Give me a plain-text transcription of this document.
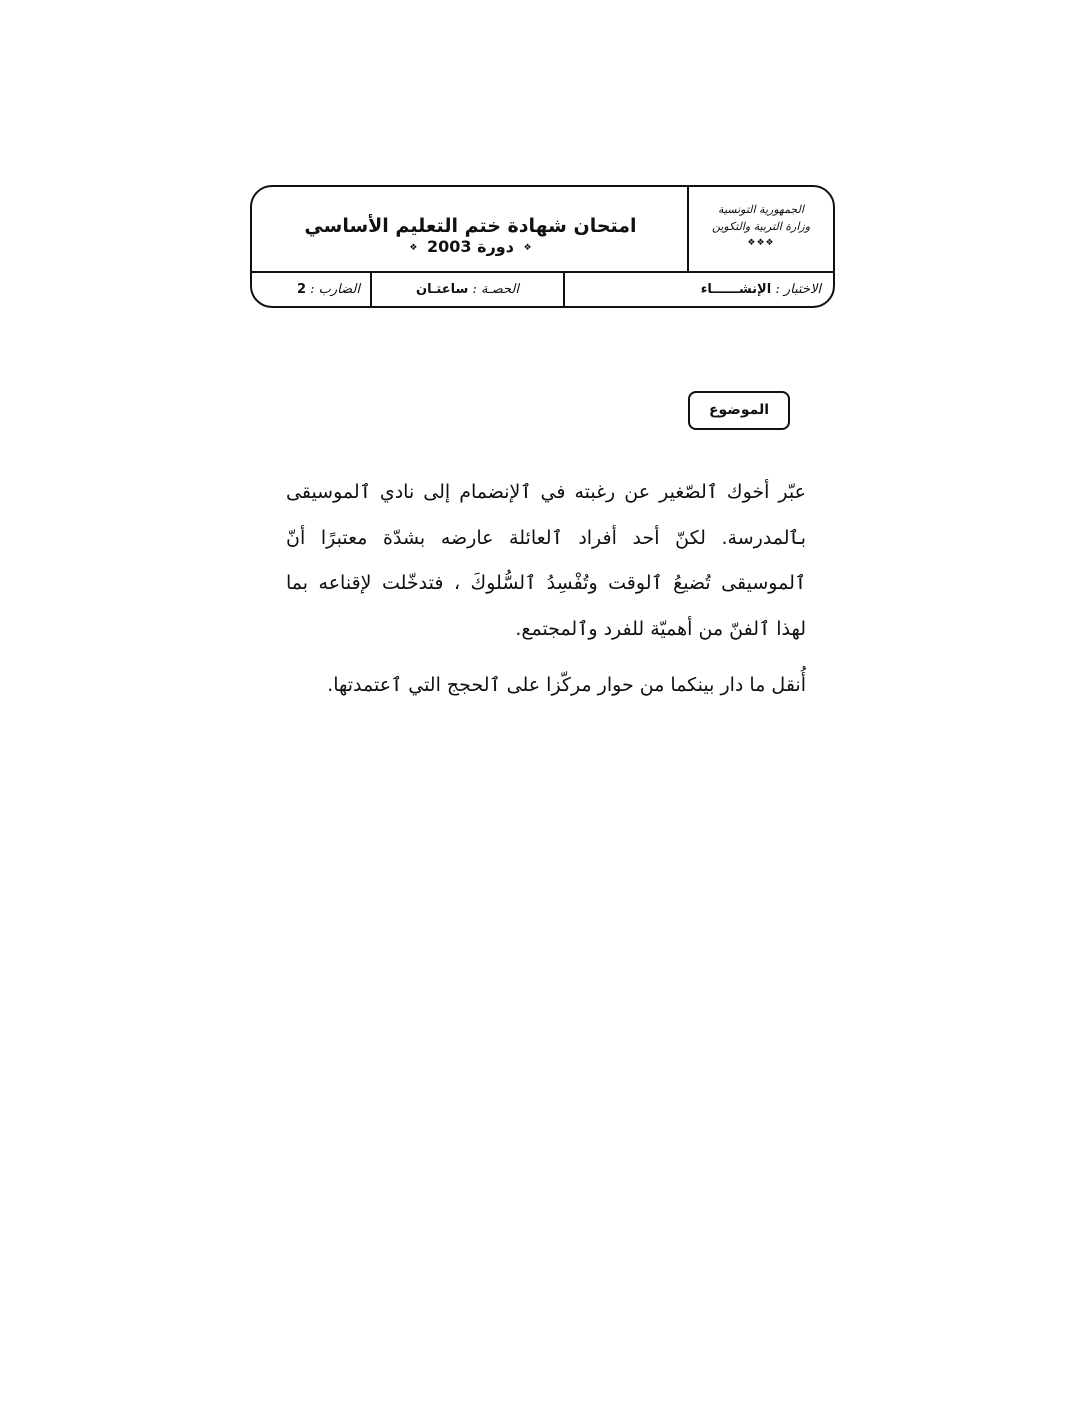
الجمهورية التونسية
وزارة التربية والتكوين
❖❖❖
امتحان شهادة ختم التعليم الأساسي
❖ دورة 2003 ❖
الاختبار : الإنشــــــاء
الحصـة : ساعتـان
الضارب : 2
الموضوع

عبّر أخوك ٱلصّغير عن رغبته في ٱلإنضمام إلى نادي ٱلموسيقى بٱلمدرسة. لكنّ أحد أفراد ٱلعائلة عارضه بشدّة معتبرًا أنّ ٱلموسيقى تُضيعُ ٱلوقت وتُفْسِدُ ٱلسُّلوكَ ، فتدخّلت لإقناعه بما لهذا ٱلفنّ من أهميّة للفرد وٱلمجتمع.

أُنقل ما دار بينكما من حوار مركّزا على ٱلحجج التي ٱعتمدتها.
